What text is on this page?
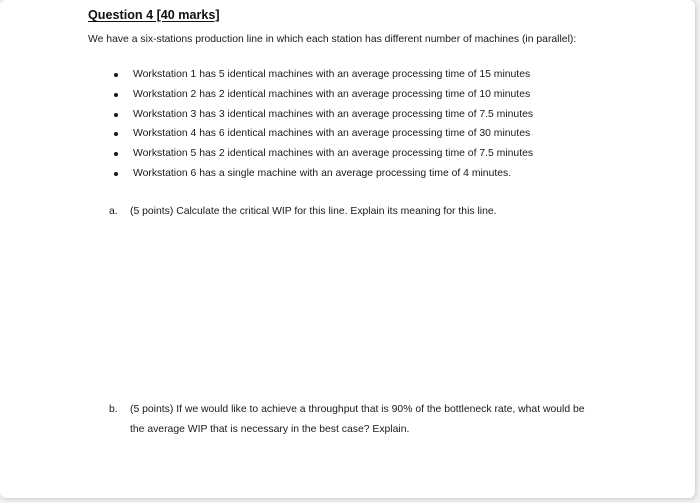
Question 4 [40 marks]
We have a six-stations production line in which each station has different number of machines (in parallel):
Workstation 1 has 5 identical machines with an average processing time of 15 minutes
Workstation 2 has 2 identical machines with an average processing time of 10 minutes
Workstation 3 has 3 identical machines with an average processing time of 7.5 minutes
Workstation 4 has 6 identical machines with an average processing time of 30 minutes
Workstation 5 has 2 identical machines with an average processing time of 7.5 minutes
Workstation 6 has a single machine with an average processing time of 4 minutes.
a. (5 points) Calculate the critical WIP for this line. Explain its meaning for this line.
b. (5 points) If we would like to achieve a throughput that is 90% of the bottleneck rate, what would be the average WIP that is necessary in the best case? Explain.
